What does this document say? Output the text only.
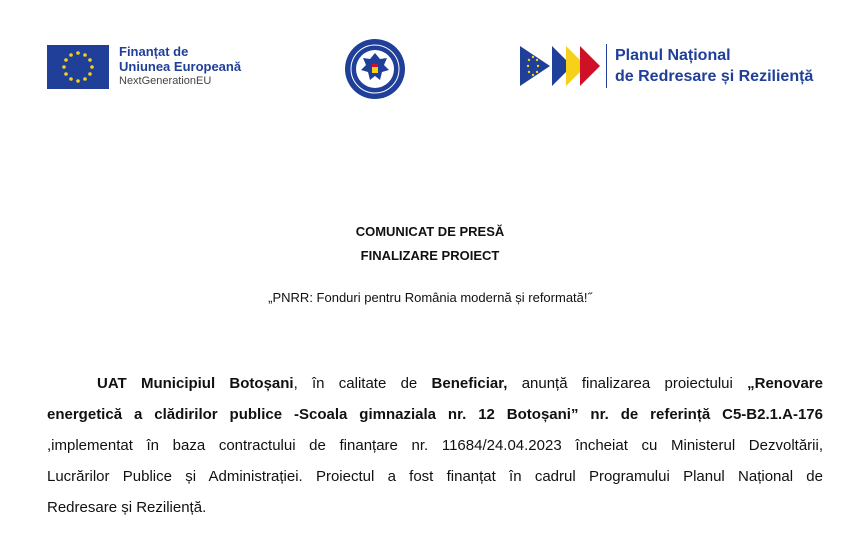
Finanțat de
Uniunea Europeană
NextGenerationEU
Planul Național
de Redresare și Reziliență
COMUNICAT DE PRESĂ
FINALIZARE PROIECT
„PNRR: Fonduri pentru România modernă și reformată!˝
UAT Municipiul Botoșani, în calitate de Beneficiar, anunță finalizarea proiectului „Renovare
energetică a clădirilor publice -Scoala gimnaziala nr. 12 Botoșani” nr. de referință C5-B2.1.A-176
,implementat în baza contractului de finanțare nr. 11684/24.04.2023 încheiat cu Ministerul Dezvoltării,
Lucrărilor Publice și Administrației. Proiectul a fost finanțat în cadrul Programului Planul Național de
Redresare și Reziliență.
